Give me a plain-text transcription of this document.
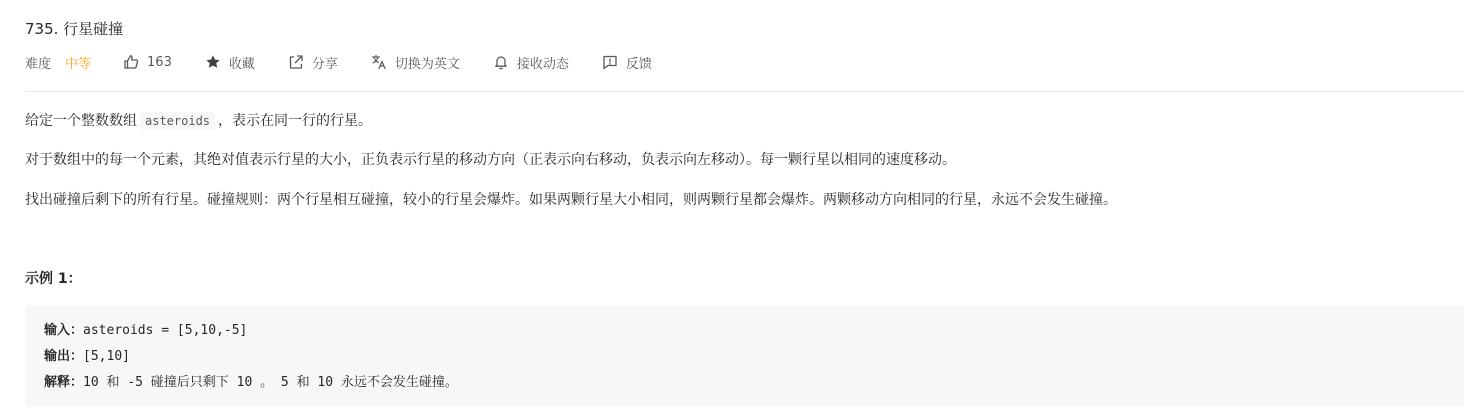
735. 行星碰撞
难度 中等	163	收藏	分享	切换为英文	接收动态	反馈
给定一个整数数组 asteroids ，表示在同一行的行星。
对于数组中的每一个元素，其绝对值表示行星的大小，正负表示行星的移动方向（正表示向右移动，负表示向左移动）。每一颗行星以相同的速度移动。
找出碰撞后剩下的所有行星。碰撞规则：两个行星相互碰撞，较小的行星会爆炸。如果两颗行星大小相同，则两颗行星都会爆炸。两颗移动方向相同的行星，永远不会发生碰撞。
示例 1：
输入：asteroids = [5,10,-5]
输出：[5,10]
解释：10 和 -5 碰撞后只剩下 10 。 5 和 10 永远不会发生碰撞。
